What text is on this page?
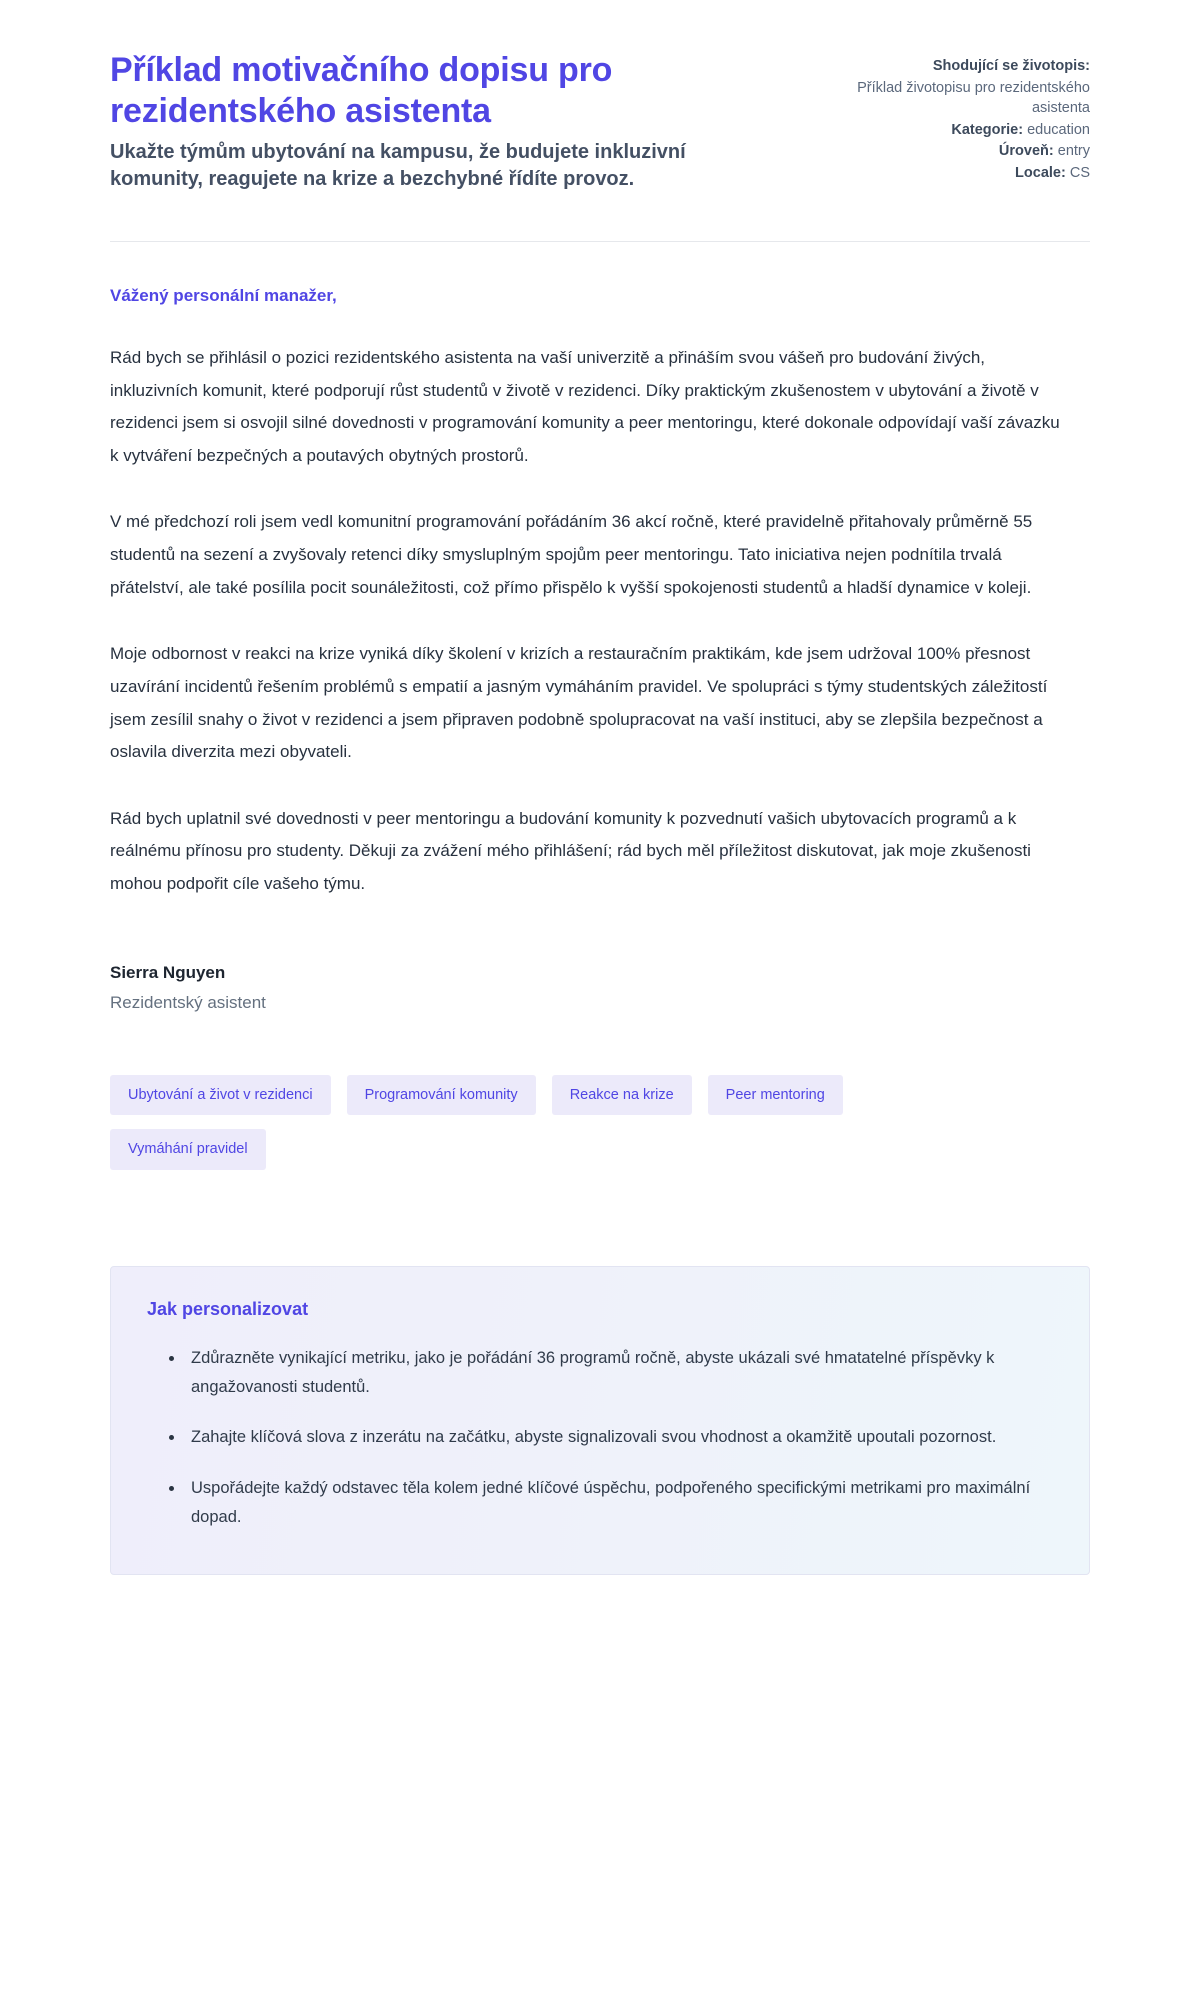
Příklad motivačního dopisu pro rezidentského asistenta

Ukažte týmům ubytování na kampusu, že budujete inkluzivní komunity, reagujete na krize a bezchybné řídíte provoz.

Shodující se životopis:
Příklad životopisu pro rezidentského asistenta
Kategorie: education
Úroveň: entry
Locale: CS

Vážený personální manažer,

Rád bych se přihlásil o pozici rezidentského asistenta na vaší univerzitě a přináším svou vášeň pro budování živých, inkluzivních komunit, které podporují růst studentů v životě v rezidenci. Díky praktickým zkušenostem v ubytování a životě v rezidenci jsem si osvojil silné dovednosti v programování komunity a peer mentoringu, které dokonale odpovídají vaší závazku k vytváření bezpečných a poutavých obytných prostorů.

V mé předchozí roli jsem vedl komunitní programování pořádáním 36 akcí ročně, které pravidelně přitahovaly průměrně 55 studentů na sezení a zvyšovaly retenci díky smysluplným spojům peer mentoringu. Tato iniciativa nejen podnítila trvalá přátelství, ale také posílila pocit sounáležitosti, což přímo přispělo k vyšší spokojenosti studentů a hladší dynamice v koleji.

Moje odbornost v reakci na krize vyniká díky školení v krizích a restauračním praktikám, kde jsem udržoval 100% přesnost uzavírání incidentů řešením problémů s empatií a jasným vymáháním pravidel. Ve spolupráci s týmy studentských záležitostí jsem zesílil snahy o život v rezidenci a jsem připraven podobně spolupracovat na vaší instituci, aby se zlepšila bezpečnost a oslavila diverzita mezi obyvateli.

Rád bych uplatnil své dovednosti v peer mentoringu a budování komunity k pozvednutí vašich ubytovacích programů a k reálnému přínosu pro studenty. Děkuji za zvážení mého přihlášení; rád bych měl příležitost diskutovat, jak moje zkušenosti mohou podpořit cíle vašeho týmu.

Sierra Nguyen

Rezidentský asistent

Ubytování a život v rezidenci	Programování komunity	Reakce na krize	Peer mentoring
Vymáhání pravidel
Jak personalizovat
Zdůrazněte vynikající metriku, jako je pořádání 36 programů ročně, abyste ukázali své hmatatelné příspěvky k angažovanosti studentů.
Zahajte klíčová slova z inzerátu na začátku, abyste signalizovali svou vhodnost a okamžitě upoutali pozornost.
Uspořádejte každý odstavec těla kolem jedné klíčové úspěchu, podpořeného specifickými metrikami pro maximální dopad.
